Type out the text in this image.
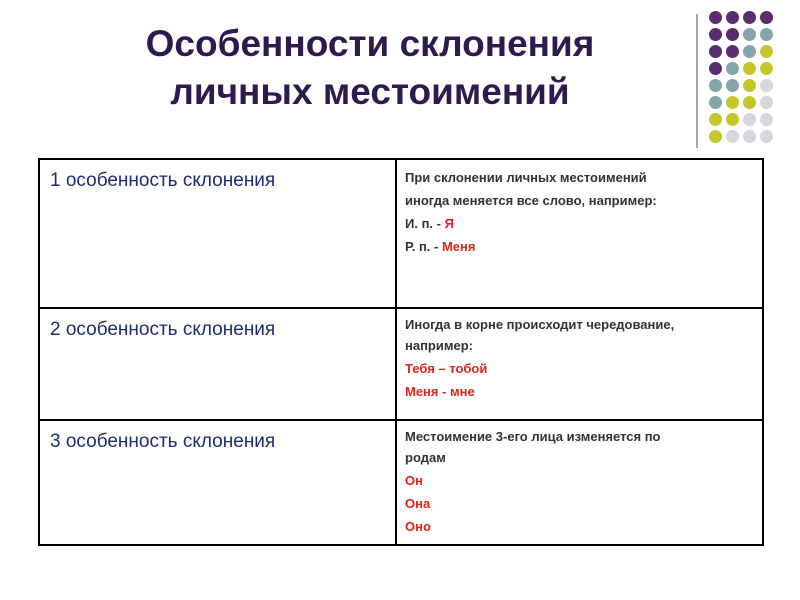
Особенности склонения
личных местоимений
1 особенность склонения	При склонении личных местоимений
иногда меняется все слово, например:
И. п. - Я
Р. п. - Меня

2 особенность склонения	Иногда в корне происходит чередование,
например:
Тебя – тобой
Меня - мне

3 особенность склонения	Местоимение 3-его лица изменяется по
родам
Он
Она
Оно
